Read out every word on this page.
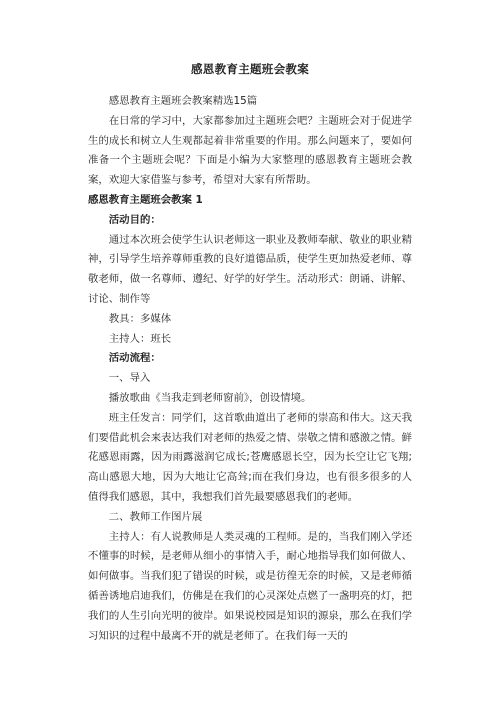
感恩教育主题班会教案

感恩教育主题班会教案精选15篇

在日常的学习中，大家都参加过主题班会吧？主题班会对于促进学生的成长和树立人生观都起着非常重要的作用。那么问题来了，要如何准备一个主题班会呢？下面是小编为大家整理的感恩教育主题班会教案，欢迎大家借鉴与参考，希望对大家有所帮助。

感恩教育主题班会教案 1

活动目的：

通过本次班会使学生认识老师这一职业及教师奉献、敬业的职业精神，引导学生培养尊师重教的良好道德品质，使学生更加热爱老师、尊敬老师，做一名尊师、遵纪、好学的好学生。活动形式：朗诵、讲解、讨论、制作等

教具：多媒体

主持人：班长

活动流程：

一、导入

播放歌曲《当我走到老师窗前》，创设情境。

班主任发言：同学们，这首歌曲道出了老师的崇高和伟大。这天我们要借此机会来表达我们对老师的热爱之情、崇敬之情和感激之情。鲜花感恩雨露，因为雨露滋润它成长;苍鹰感恩长空，因为长空让它飞翔;高山感恩大地，因为大地让它高耸;而在我们身边，也有很多很多的人值得我们感恩，其中，我想我们首先最要感恩我们的老师。

二、教师工作图片展

主持人：有人说教师是人类灵魂的工程师。是的，当我们刚入学还不懂事的时候，是老师从细小的事情入手，耐心地指导我们如何做人、如何做事。当我们犯了错误的时候，或是彷徨无奈的时候，又是老师循循善诱地启迪我们，仿佛是在我们的心灵深处点燃了一盏明亮的灯，把我们的人生引向光明的彼岸。如果说校园是知识的源泉，那么在我们学习知识的过程中最离不开的就是老师了。在我们每一天的
